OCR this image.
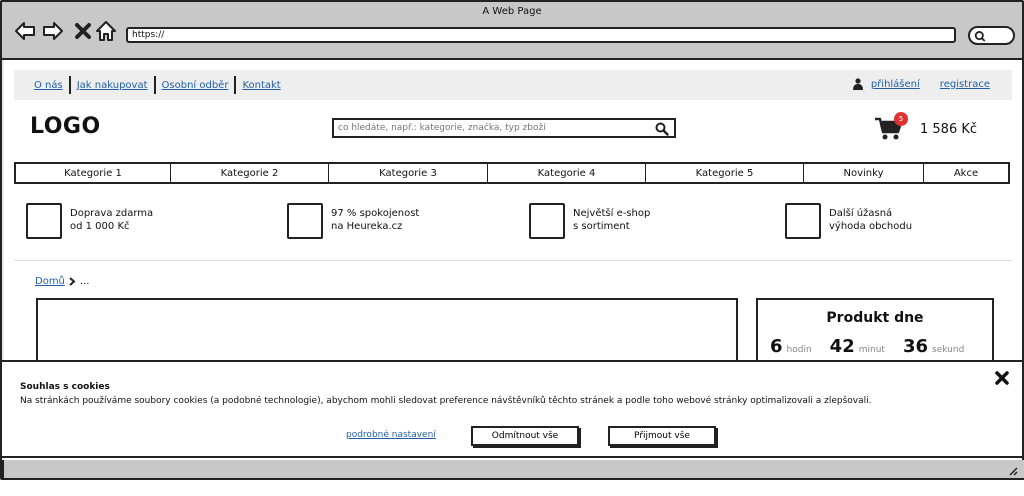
A Web Page
https://
O nás	Jak nakupovat	Osobní odběr	Kontakt	přihlášení registrace
LOGO
co hledáte, např.: kategorie, značka, typ zboží	5
1 586 Kč
Kategorie 1	Kategorie 2	Kategorie 3	Kategorie 4	Kategorie 5	Novinky	Akce
Doprava zdarma
od 1 000 Kč
97 % spokojenost
na Heureka.cz
Největší e-shop
s sortiment
Další úžasná
výhoda obchodu
Domů ...
Produkt dne
6 hodin 42 minut 36 sekund
Souhlas s cookies
Na stránkách používáme soubory cookies (a podobné technologie), abychom mohli sledovat preference návštěvníků těchto stránek a podle toho webové stránky optimalizovali a zlepšovali.
podrobné nastavení	Odmítnout vše	Přijmout vše
